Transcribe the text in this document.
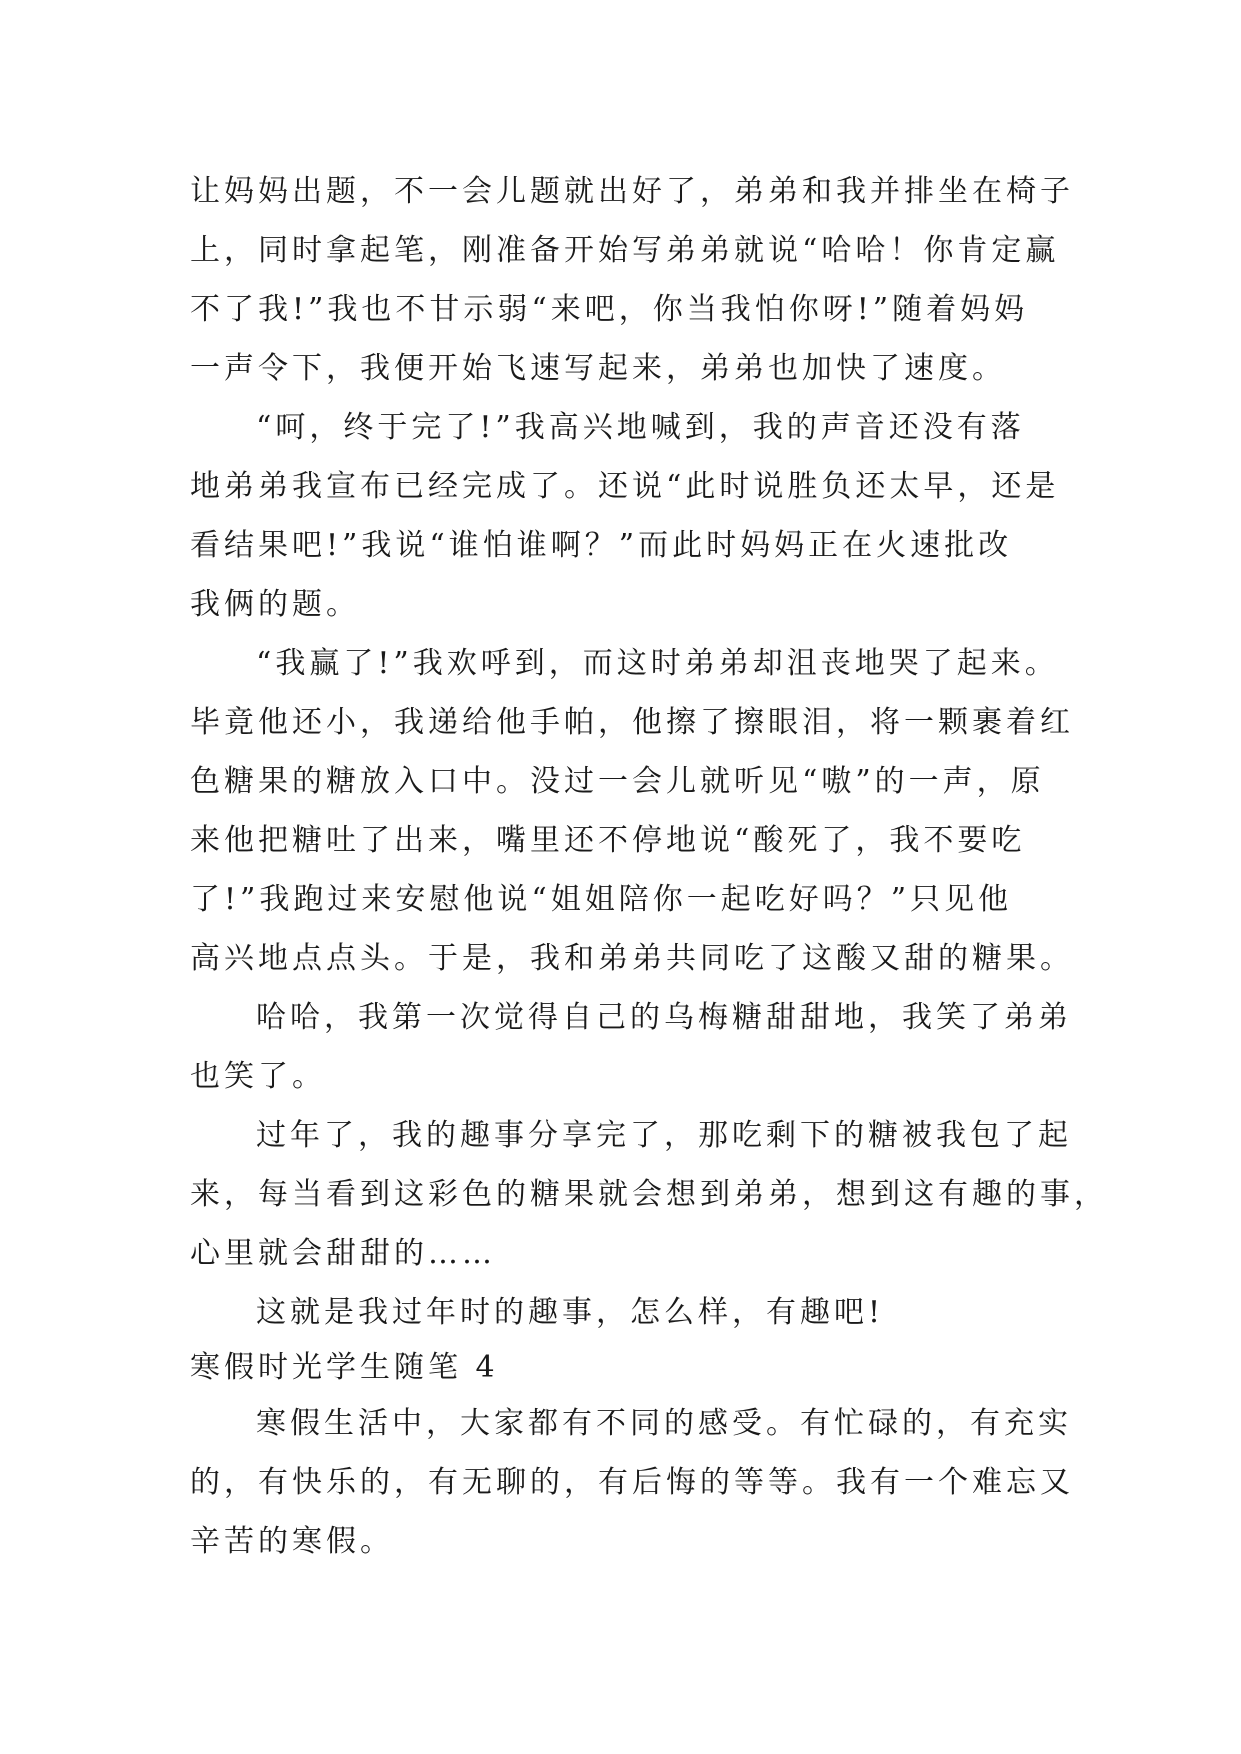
让妈妈出题，不一会儿题就出好了，弟弟和我并排坐在椅子
上，同时拿起笔，刚准备开始写弟弟就说“哈哈！你肯定赢
不了我!”我也不甘示弱“来吧，你当我怕你呀!”随着妈妈
一声令下，我便开始飞速写起来，弟弟也加快了速度。
“呵，终于完了!”我高兴地喊到，我的声音还没有落
地弟弟我宣布已经完成了。还说“此时说胜负还太早，还是
看结果吧!”我说“谁怕谁啊？”而此时妈妈正在火速批改
我俩的题。
“我赢了!”我欢呼到，而这时弟弟却沮丧地哭了起来。
毕竟他还小，我递给他手帕，他擦了擦眼泪，将一颗裹着红
色糖果的糖放入口中。没过一会儿就听见“嗷”的一声，原
来他把糖吐了出来，嘴里还不停地说“酸死了，我不要吃
了!”我跑过来安慰他说“姐姐陪你一起吃好吗？”只见他
高兴地点点头。于是，我和弟弟共同吃了这酸又甜的糖果。
哈哈，我第一次觉得自己的乌梅糖甜甜地，我笑了弟弟
也笑了。
过年了，我的趣事分享完了，那吃剩下的糖被我包了起
来，每当看到这彩色的糖果就会想到弟弟，想到这有趣的事，
心里就会甜甜的……
这就是我过年时的趣事，怎么样，有趣吧!
寒假时光学生随笔 4
寒假生活中，大家都有不同的感受。有忙碌的，有充实
的，有快乐的，有无聊的，有后悔的等等。我有一个难忘又
辛苦的寒假。
